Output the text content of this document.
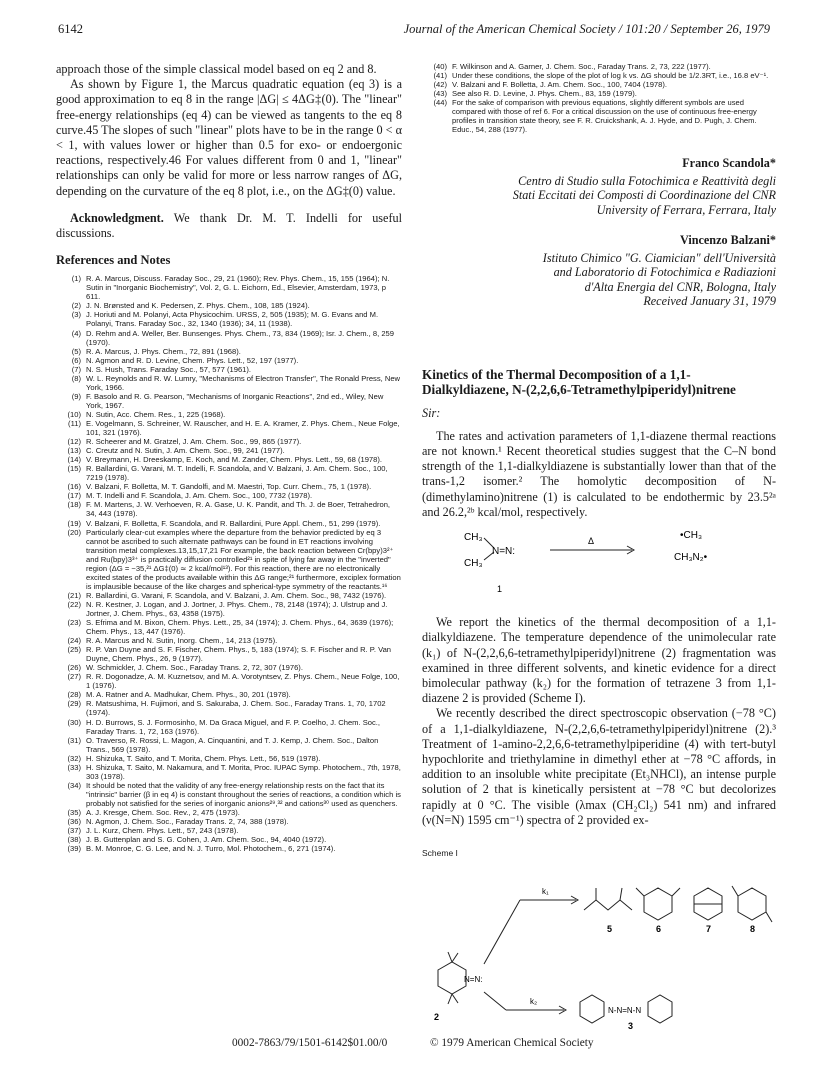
6142	Journal of the American Chemical Society / 101:20 / September 26, 1979

approach those of the simple classical model based on eq 2 and 8.

As shown by Figure 1, the Marcus quadratic equation (eq 3) is a good approximation to eq 8 in the range |ΔG| ≤ 4ΔG‡(0). The "linear" free-energy relationships (eq 4) can be viewed as tangents to the eq 8 curve.45 The slopes of such "linear" plots have to be in the range 0 < α < 1, with values lower or higher than 0.5 for exo- or endoergonic reactions, respectively.46 For values different from 0 and 1, "linear" relationships can only be valid for more or less narrow ranges of ΔG, depending on the curvature of the eq 8 plot, i.e., on the ΔG‡(0) value.

Acknowledgment. We thank Dr. M. T. Indelli for useful discussions.

References and Notes
(1) R. A. Marcus, Discuss. Faraday Soc., 29, 21 (1960); Rev. Phys. Chem., 15, 155 (1964); N. Sutin in "Inorganic Biochemistry", Vol. 2, G. L. Eichorn, Ed., Elsevier, Amsterdam, 1973, p 611.
(2) J. N. Brønsted and K. Pedersen, Z. Phys. Chem., 108, 185 (1924).
(3) J. Horiuti and M. Polanyi, Acta Physicochim. URSS, 2, 505 (1935); M. G. Evans and M. Polanyi, Trans. Faraday Soc., 32, 1340 (1936); 34, 11 (1938).
(4) D. Rehm and A. Weller, Ber. Bunsenges. Phys. Chem., 73, 834 (1969); Isr. J. Chem., 8, 259 (1970).
(5) R. A. Marcus, J. Phys. Chem., 72, 891 (1968).
(6) N. Agmon and R. D. Levine, Chem. Phys. Lett., 52, 197 (1977).
(7) N. S. Hush, Trans. Faraday Soc., 57, 577 (1961).
(8) W. L. Reynolds and R. W. Lumry, "Mechanisms of Electron Transfer", The Ronald Press, New York, 1966.
(9) F. Basolo and R. G. Pearson, "Mechanisms of Inorganic Reactions", 2nd ed., Wiley, New York, 1967.
(10) N. Sutin, Acc. Chem. Res., 1, 225 (1968).
(11) E. Vogelmann, S. Schreiner, W. Rauscher, and H. E. A. Kramer, Z. Phys. Chem., Neue Folge, 101, 321 (1976).
(12) R. Scheerer and M. Gratzel, J. Am. Chem. Soc., 99, 865 (1977).
(13) C. Creutz and N. Sutin, J. Am. Chem. Soc., 99, 241 (1977).
(14) V. Breymann, H. Dreeskamp, E. Koch, and M. Zander, Chem. Phys. Lett., 59, 68 (1978).
(15) R. Ballardini, G. Varani, M. T. Indelli, F. Scandola, and V. Balzani, J. Am. Chem. Soc., 100, 7219 (1978).
(16) V. Balzani, F. Bolletta, M. T. Gandolfi, and M. Maestri, Top. Curr. Chem., 75, 1 (1978).
(17) M. T. Indelli and F. Scandola, J. Am. Chem. Soc., 100, 7732 (1978).
(18) F. M. Martens, J. W. Verhoeven, R. A. Gase, U. K. Pandit, and Th. J. de Boer, Tetrahedron, 34, 443 (1978).
(19) V. Balzani, F. Bolletta, F. Scandola, and R. Ballardini, Pure Appl. Chem., 51, 299 (1979).
(20) Particularly clear-cut examples where the departure from the behavior predicted by eq 3 cannot be ascribed to such alternate pathways can be found in ET reactions involving transition metal complexes.13,15,17,21 For example, the back reaction between Cr(bpy)3²⁺ and Ru(bpy)3³⁺ is practically diffusion controlled²¹ in spite of lying far away in the "inverted" region (ΔG = −35,²¹ ΔG‡(0) ≃ 2 kcal/mol¹³). For this reaction, there are no electronically excited states of the products available within this ΔG range;²¹ furthermore, exciplex formation is implausible because of the like charges and spherical-type symmetry of the reactants.¹⁶
(21) R. Ballardini, G. Varani, F. Scandola, and V. Balzani, J. Am. Chem. Soc., 98, 7432 (1976).
(22) N. R. Kestner, J. Logan, and J. Jortner, J. Phys. Chem., 78, 2148 (1974); J. Ulstrup and J. Jortner, J. Chem. Phys., 63, 4358 (1975).
(23) S. Efrima and M. Bixon, Chem. Phys. Lett., 25, 34 (1974); J. Chem. Phys., 64, 3639 (1976); Chem. Phys., 13, 447 (1976).
(24) R. A. Marcus and N. Sutin, Inorg. Chem., 14, 213 (1975).
(25) R. P. Van Duyne and S. F. Fischer, Chem. Phys., 5, 183 (1974); S. F. Fischer and R. P. Van Duyne, Chem. Phys., 26, 9 (1977).
(26) W. Schmickler, J. Chem. Soc., Faraday Trans. 2, 72, 307 (1976).
(27) R. R. Dogonadze, A. M. Kuznetsov, and M. A. Vorotyntsev, Z. Phys. Chem., Neue Folge, 100, 1 (1976).
(28) M. A. Ratner and A. Madhukar, Chem. Phys., 30, 201 (1978).
(29) R. Matsushima, H. Fujimori, and S. Sakuraba, J. Chem. Soc., Faraday Trans. 1, 70, 1702 (1974).
(30) H. D. Burrows, S. J. Formosinho, M. Da Graca Miguel, and F. P. Coelho, J. Chem. Soc., Faraday Trans. 1, 72, 163 (1976).
(31) O. Traverso, R. Rossi, L. Magon, A. Cinquantini, and T. J. Kemp, J. Chem. Soc., Dalton Trans., 569 (1978).
(32) H. Shizuka, T. Saito, and T. Morita, Chem. Phys. Lett., 56, 519 (1978).
(33) H. Shizuka, T. Saito, M. Nakamura, and T. Morita, Proc. IUPAC Symp. Photochem., 7th, 1978, 303 (1978).
(34) It should be noted that the validity of any free-energy relationship rests on the fact that its "intrinsic" barrier (β in eq 4) is constant throughout the series of reactions, a condition which is probably not satisfied for the series of inorganic anions²⁹,³² and cations³⁰ used as quenchers.
(35) A. J. Kresge, Chem. Soc. Rev., 2, 475 (1973).
(36) N. Agmon, J. Chem. Soc., Faraday Trans. 2, 74, 388 (1978).
(37) J. L. Kurz, Chem. Phys. Lett., 57, 243 (1978).
(38) J. B. Guttenplan and S. G. Cohen, J. Am. Chem. Soc., 94, 4040 (1972).
(39) B. M. Monroe, C. G. Lee, and N. J. Turro, Mol. Photochem., 6, 271 (1974).
(40) F. Wilkinson and A. Garner, J. Chem. Soc., Faraday Trans. 2, 73, 222 (1977).
(41) Under these conditions, the slope of the plot of log k vs. ΔG should be 1/2.3RT, i.e., 16.8 eV⁻¹.
(42) V. Balzani and F. Bolletta, J. Am. Chem. Soc., 100, 7404 (1978).
(43) See also R. D. Levine, J. Phys. Chem., 83, 159 (1979).
(44) For the sake of comparison with previous equations, slightly different symbols are used compared with those of ref 6. For a critical discussion on the use of continuous free-energy profiles in transition state theory, see F. R. Cruickshank, A. J. Hyde, and D. Pugh, J. Chem. Educ., 54, 288 (1977).
Franco Scandola*
Centro di Studio sulla Fotochimica e Reattività degli
Stati Eccitati dei Composti di Coordinazione del CNR
University of Ferrara, Ferrara, Italy
Vincenzo Balzani*
Istituto Chimico "G. Ciamician" dell'Università
and Laboratorio di Fotochimica e Radiazioni
d'Alta Energia del CNR, Bologna, Italy
Received January 31, 1979
Kinetics of the Thermal Decomposition of a 1,1-Dialkyldiazene, N-(2,2,6,6-Tetramethylpiperidyl)nitrene
Sir:

The rates and activation parameters of 1,1-diazene thermal reactions are not known.¹ Recent theoretical studies suggest that the C–N bond strength of the 1,1-dialkyldiazene is substantially lower than that of the trans-1,2 isomer.² The homolytic decomposition of N-(dimethylamino)nitrene (1) is calculated to be endothermic by 23.5²ᵃ and 26.2,²ᵇ kcal/mol, respectively.

CH₃
CH₃
N=N:
Δ	•CH₃
CH₃N₂•
1

We report the kinetics of the thermal decomposition of a 1,1-dialkyldiazene. The temperature dependence of the unimolecular rate (k₁) of N-(2,2,6,6-tetramethylpiperidyl)nitrene (2) fragmentation was examined in three different solvents, and kinetic evidence for a direct bimolecular pathway (k₂) for the formation of tetrazene 3 from 1,1-diazene 2 is provided (Scheme I).

We recently described the direct spectroscopic observation (−78 °C) of a 1,1-dialkyldiazene, N-(2,2,6,6-tetramethylpiperidyl)nitrene (2).³ Treatment of 1-amino-2,2,6,6-tetramethylpiperidine (4) with tert-butyl hypochlorite and triethylamine in dimethyl ether at −78 °C affords, in addition to an insoluble white precipitate (Et₃NHCl), an intense purple solution of 2 that is kinetically persistent at −78 °C but decolorizes rapidly at 0 °C. The visible (λmax (CH₂Cl₂) 541 nm) and infrared (ν(N=N) 1595 cm⁻¹) spectra of 2 provided ex-

Scheme I
N=N:
2
k₁
k₂
5	6	7	8
N-N=N-N
3
0002-7863/79/1501-6142$01.00/0	© 1979 American Chemical Society
